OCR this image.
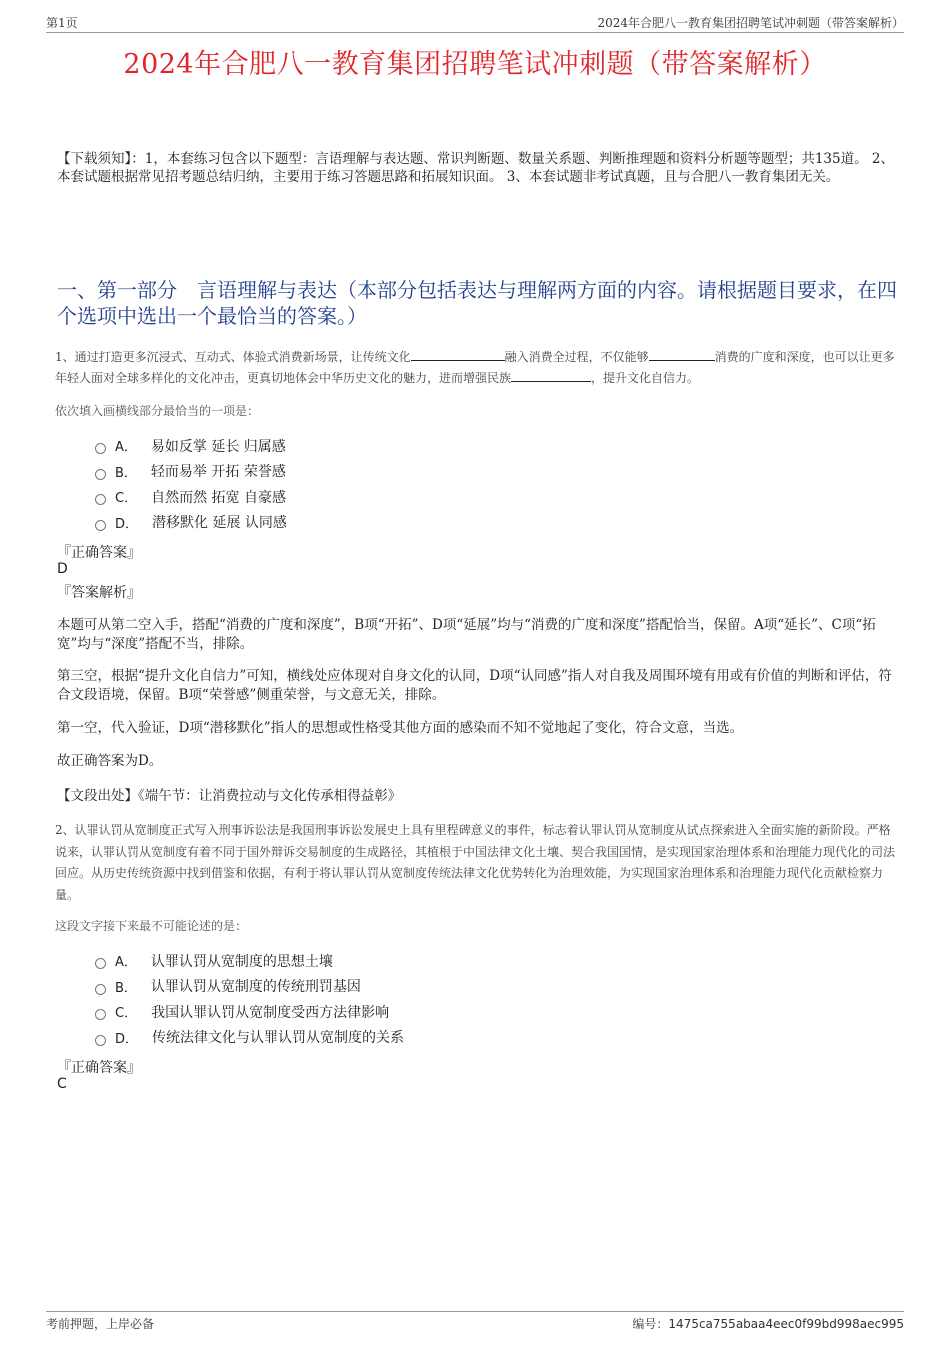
第1页	2024年合肥八一教育集团招聘笔试冲刺题（带答案解析）
2024年合肥八一教育集团招聘笔试冲刺题（带答案解析）
【下载须知】：1，本套练习包含以下题型：言语理解与表达题、常识判断题、数量关系题、判断推理题和资料分析题等题型；共135道。 2、本套试题根据常见招考题总结归纳，主要用于练习答题思路和拓展知识面。 3、本套试题非考试真题，且与合肥八一教育集团无关。
一、第一部分　言语理解与表达（本部分包括表达与理解两方面的内容。请根据题目要求，在四个选项中选出一个最恰当的答案。）
1、通过打造更多沉浸式、互动式、体验式消费新场景，让传统文化	融入消费全过程，不仅能够	消费的广度和深度，也可以让更多年轻人面对全球多样化的文化冲击，更真切地体会中华历史文化的魅力，进而增强民族	，提升文化自信力。
依次填入画横线部分最恰当的一项是：
A． 易如反掌 延长 归属感
B． 轻而易举 开拓 荣誉感
C． 自然而然 拓宽 自豪感
D． 潜移默化 延展 认同感
『正确答案』
D
『答案解析』
本题可从第二空入手，搭配“消费的广度和深度”，B项“开拓”、D项“延展”均与“消费的广度和深度”搭配恰当，保留。A项“延长”、C项“拓宽”均与“深度”搭配不当，排除。
第三空，根据“提升文化自信力”可知，横线处应体现对自身文化的认同，D项“认同感”指人对自我及周围环境有用或有价值的判断和评估，符合文段语境，保留。B项“荣誉感”侧重荣誉，与文意无关，排除。
第一空，代入验证，D项“潜移默化”指人的思想或性格受其他方面的感染而不知不觉地起了变化，符合文意，当选。
故正确答案为D。
【文段出处】《端午节：让消费拉动与文化传承相得益彰》
2、认罪认罚从宽制度正式写入刑事诉讼法是我国刑事诉讼发展史上具有里程碑意义的事件，标志着认罪认罚从宽制度从试点探索进入全面实施的新阶段。严格说来，认罪认罚从宽制度有着不同于国外辩诉交易制度的生成路径，其植根于中国法律文化土壤、契合我国国情，是实现国家治理体系和治理能力现代化的司法回应。从历史传统资源中找到借鉴和依据，有利于将认罪认罚从宽制度传统法律文化优势转化为治理效能，为实现国家治理体系和治理能力现代化贡献检察力量。
这段文字接下来最不可能论述的是：
A． 认罪认罚从宽制度的思想土壤
B． 认罪认罚从宽制度的传统刑罚基因
C． 我国认罪认罚从宽制度受西方法律影响
D． 传统法律文化与认罪认罚从宽制度的关系
『正确答案』
C
考前押题，上岸必备	编号：1475ca755abaa4eec0f99bd998aec995
